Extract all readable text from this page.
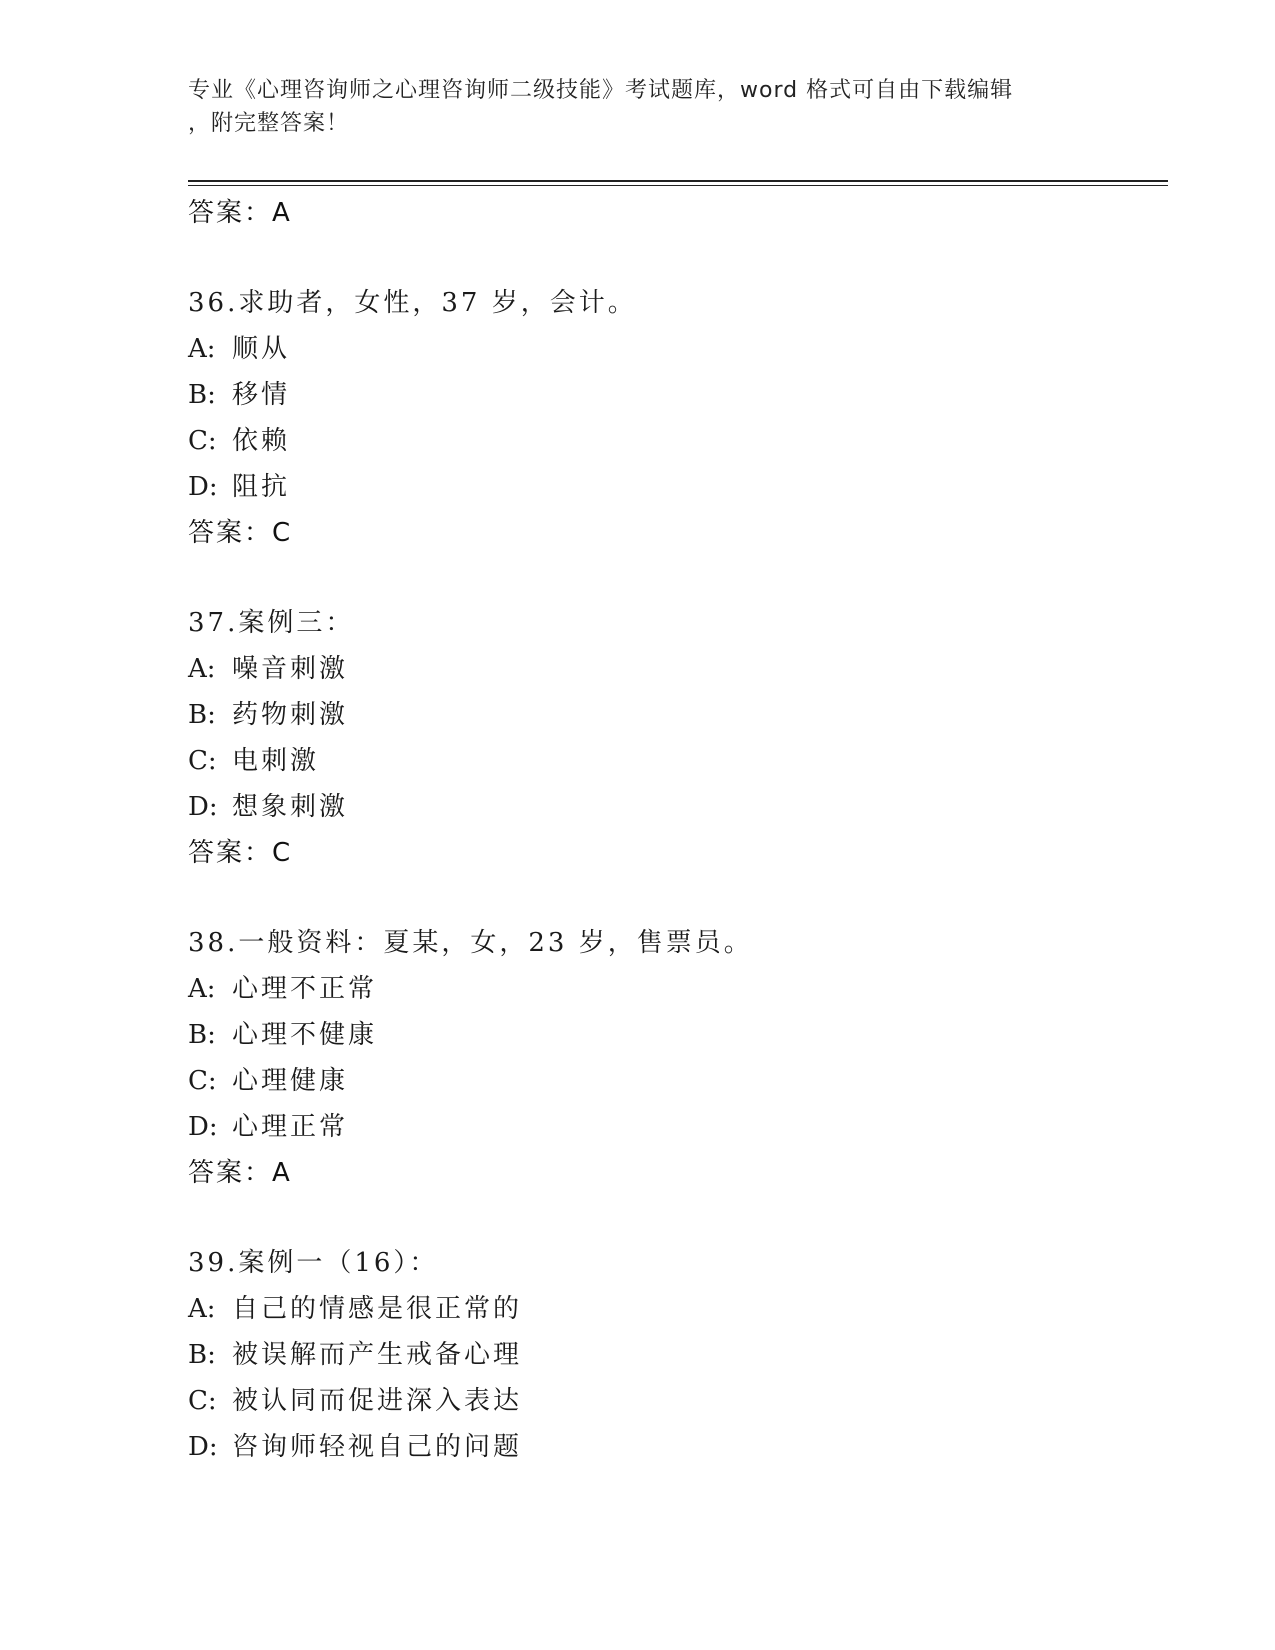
专业《心理咨询师之心理咨询师二级技能》考试题库，word 格式可自由下载编辑
，附完整答案！
答案：A
36.求助者，女性，37 岁，会计。
A: 顺从
B: 移情
C: 依赖
D: 阻抗
答案：C
37.案例三：
A: 噪音刺激
B: 药物刺激
C: 电刺激
D: 想象刺激
答案：C
38.一般资料：夏某，女，23 岁，售票员。
A: 心理不正常
B: 心理不健康
C: 心理健康
D: 心理正常
答案：A
39.案例一（16）：
A: 自己的情感是很正常的
B: 被误解而产生戒备心理
C: 被认同而促进深入表达
D: 咨询师轻视自己的问题
